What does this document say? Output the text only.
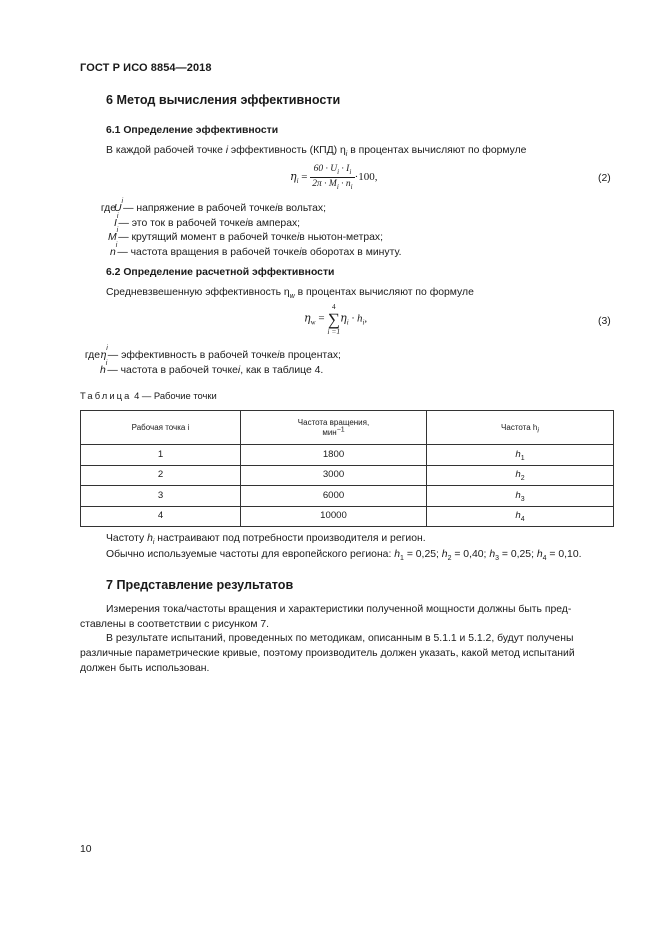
ГОСТ Р ИСО 8854—2018
6 Метод вычисления эффективности
6.1 Определение эффективности
В каждой рабочей точке i эффективность (КПД) $\eta_i$ в процентах вычисляют по формуле
$\eta_i = \frac{60 \cdot U_i \cdot I_i}{2\pi \cdot M_i \cdot n_i} \cdot 100$,	(2)
где
U
i
— напряжение в рабочей точке i в вольтах;
I
i
— это ток в рабочей точке i в амперах;
M
i
— крутящий момент в рабочей точке i в ньютон-метрах;
n
i
— частота вращения в рабочей точке i в оборотах в минуту.
6.2 Определение расчетной эффективности
Средневзвешенную эффективность $\eta_w$ в процентах вычисляют по формуле
$\eta_w$ =
4
∑
i =1
$\eta_i \cdot h_i$,	(3)
где η
i
— эффективность в рабочей точке i в процентах;
h
i
— частота в рабочей точке i , как в таблице 4.
Таблица 4 — Рабочие точки
Рабочая точка i	Частота вращения,
мин$^{-1}$	Частота $h_i$
1	1800	$h_1$
2	3000	$h_2$
3	6000	$h_3$
4	10000	$h_4$
Частоту $h_i$ настраивают под потребности производителя и регион.
Обычно используемые частоты для европейского региона: $h_1 = 0,25$; $h_2 = 0,40$; $h_3 = 0,25$; $h_4 = 0,10$.
7 Представление результатов
Измерения тока/частоты вращения и характеристики полученной мощности должны быть пред-
ставлены в соответствии с рисунком 7.
В результате испытаний, проведенных по методикам, описанным в 5.1.1 и 5.1.2, будут получены
различные параметрические кривые, поэтому производитель должен указать, какой метод испытаний
должен быть использован.
10
